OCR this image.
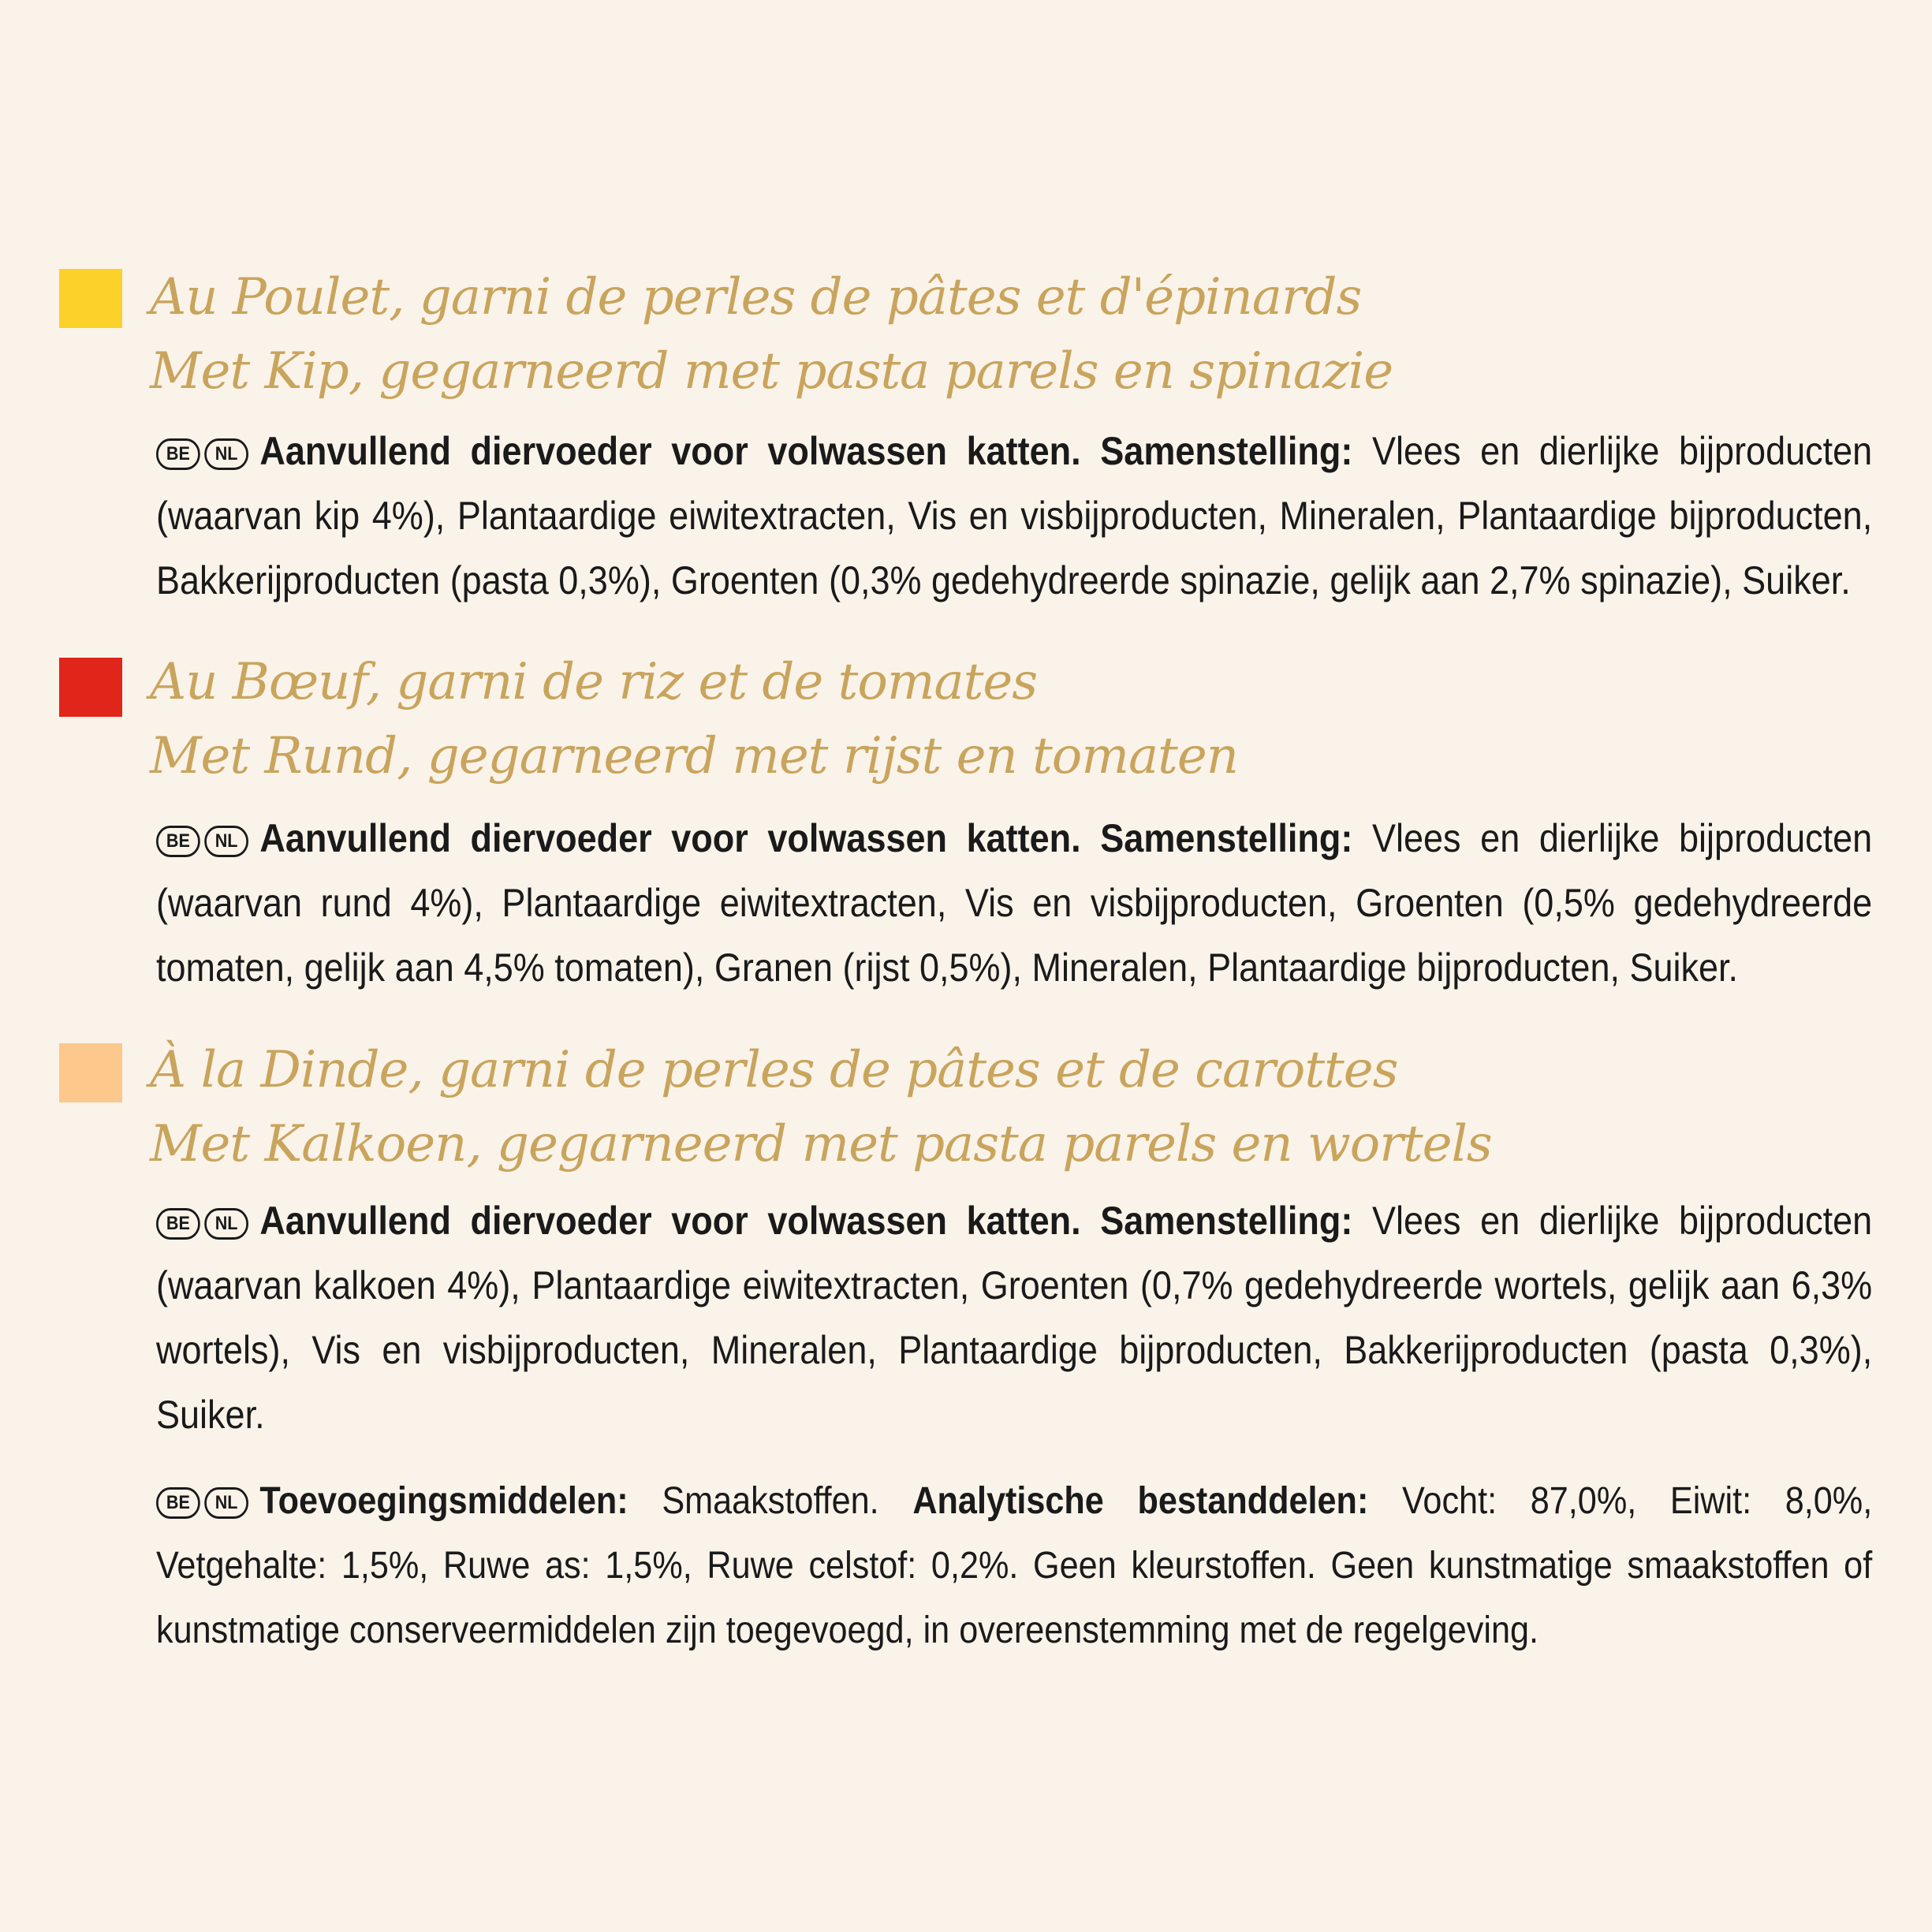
Au Poulet, garni de perles de pâtes et d'épinards
Met Kip, gegarneerd met pasta parels en spinazie
BE NL Aanvullend diervoeder voor volwassen katten. Samenstelling: Vlees en dierlijke bijproducten (waarvan kip 4%), Plantaardige eiwitextracten, Vis en visbijproducten, Mineralen, Plantaardige bijproducten, Bakkerijproducten (pasta 0,3%), Groenten (0,3% gedehydreerde spinazie, gelijk aan 2,7% spinazie), Suiker.
Au Bœuf, garni de riz et de tomates
Met Rund, gegarneerd met rijst en tomaten
BE NL Aanvullend diervoeder voor volwassen katten. Samenstelling: Vlees en dierlijke bijproducten (waarvan rund 4%), Plantaardige eiwitextracten, Vis en visbijproducten, Groenten (0,5% gedehydreerde tomaten, gelijk aan 4,5% tomaten), Granen (rijst 0,5%), Mineralen, Plantaardige bijproducten, Suiker.
À la Dinde, garni de perles de pâtes et de carottes
Met Kalkoen, gegarneerd met pasta parels en wortels
BE NL Aanvullend diervoeder voor volwassen katten. Samenstelling: Vlees en dierlijke bijproducten (waarvan kalkoen 4%), Plantaardige eiwitextracten, Groenten (0,7% gedehydreerde wortels, gelijk aan 6,3% wortels), Vis en visbijproducten, Mineralen, Plantaardige bijproducten, Bakkerijproducten (pasta 0,3%), Suiker.
BE NL Toevoegingsmiddelen: Smaakstoffen. Analytische bestanddelen: Vocht: 87,0%, Eiwit: 8,0%, Vetgehalte: 1,5%, Ruwe as: 1,5%, Ruwe celstof: 0,2%. Geen kleurstoffen. Geen kunstmatige smaakstoffen of kunstmatige conserveermiddelen zijn toegevoegd, in overeenstemming met de regelgeving.
